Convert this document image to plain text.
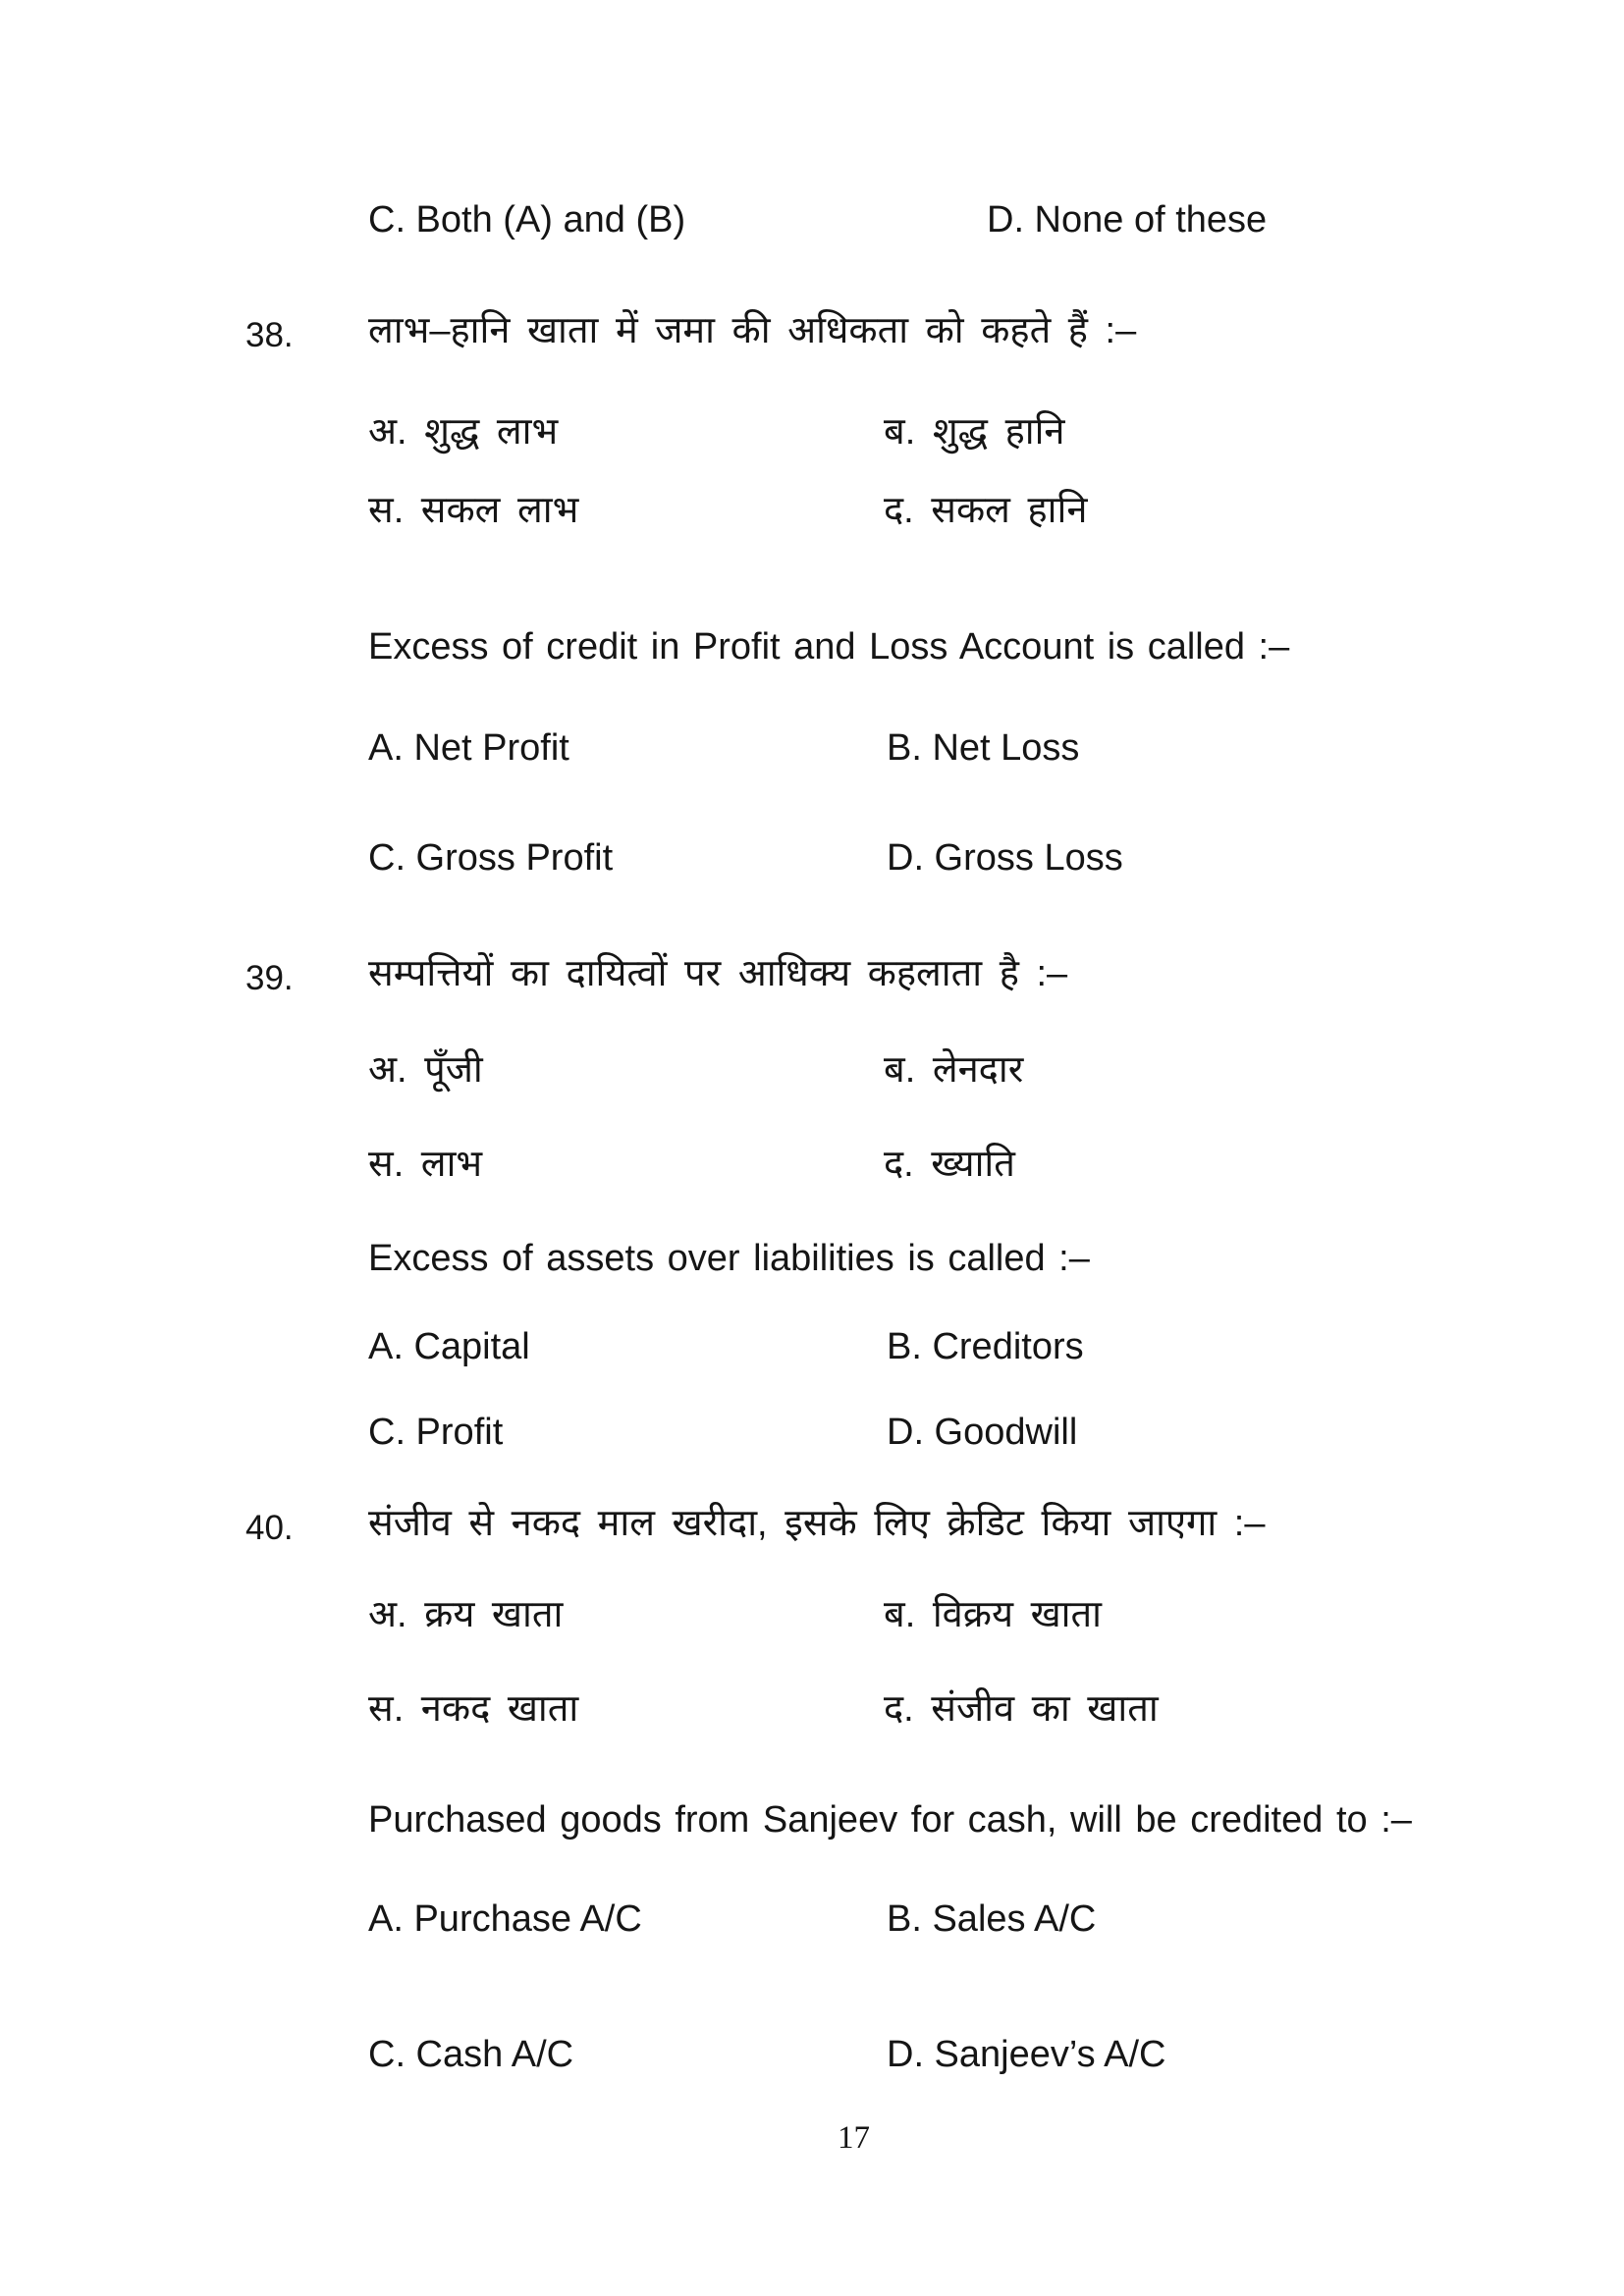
C. Both (A) and (B)	D. None of these
38. लाभ–हानि खाता में जमा की अधिकता को कहते हैं :–
अ. शुद्ध लाभ	ब. शुद्ध हानि
स. सकल लाभ	द. सकल हानि
Excess of credit in Profit and Loss Account is called :–
A. Net Profit	B. Net Loss
C. Gross Profit	D. Gross Loss
39. सम्पत्तियों का दायित्वों पर आधिक्य कहलाता है :–
अ. पूँजी	ब. लेनदार
स. लाभ	द. ख्याति
Excess of assets over liabilities is called :–
A. Capital	B. Creditors
C. Profit	D. Goodwill
40. संजीव से नकद माल खरीदा, इसके लिए क्रेडिट किया जाएगा :–
अ. क्रय खाता	ब. विक्रय खाता
स. नकद खाता	द. संजीव का खाता
Purchased goods from Sanjeev for cash, will be credited to :–
A. Purchase A/C	B. Sales A/C
C. Cash A/C	D. Sanjeev’s A/C
17
